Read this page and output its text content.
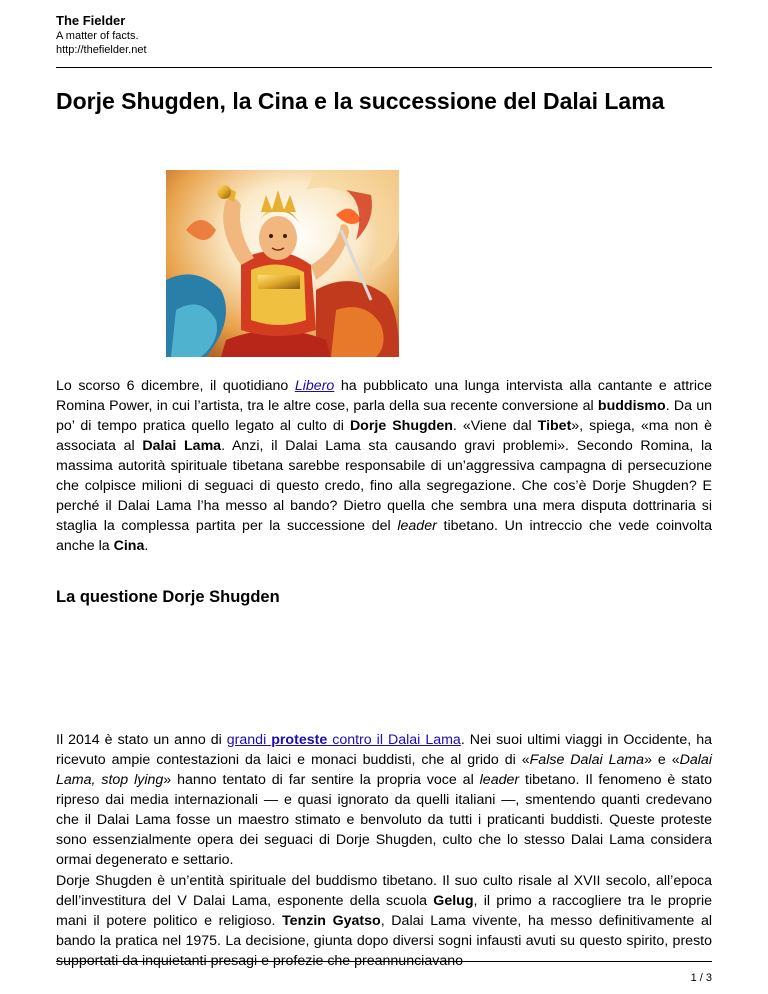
The Fielder
A matter of facts.
http://thefielder.net
Dorje Shugden, la Cina e la successione del Dalai Lama

Lo scorso 6 dicembre, il quotidiano Libero ha pubblicato una lunga intervista alla cantante e attrice Romina Power, in cui l’artista, tra le altre cose, parla della sua recente conversione al buddismo. Da un po’ di tempo pratica quello legato al culto di Dorje Shugden. «Viene dal Tibet», spiega, «ma non è associata al Dalai Lama. Anzi, il Dalai Lama sta causando gravi problemi». Secondo Romina, la massima autorità spirituale tibetana sarebbe responsabile di un’aggressiva campagna di persecuzione che colpisce milioni di seguaci di questo credo, fino alla segregazione. Che cos’è Dorje Shugden? E perché il Dalai Lama l’ha messo al bando? Dietro quella che sembra una mera disputa dottrinaria si staglia la complessa partita per la successione del leader tibetano. Un intreccio che vede coinvolta anche la Cina.

La questione Dorje Shugden

Il 2014 è stato un anno di grandi proteste contro il Dalai Lama. Nei suoi ultimi viaggi in Occidente, ha ricevuto ampie contestazioni da laici e monaci buddisti, che al grido di «False Dalai Lama» e «Dalai Lama, stop lying» hanno tentato di far sentire la propria voce al leader tibetano. Il fenomeno è stato ripreso dai media internazionali — e quasi ignorato da quelli italiani —, smentendo quanti credevano che il Dalai Lama fosse un maestro stimato e benvoluto da tutti i praticanti buddisti. Queste proteste sono essenzialmente opera dei seguaci di Dorje Shugden, culto che lo stesso Dalai Lama considera ormai degenerato e settario.

Dorje Shugden è un’entità spirituale del buddismo tibetano. Il suo culto risale al XVII secolo, all’epoca dell’investitura del V Dalai Lama, esponente della scuola Gelug, il primo a raccogliere tra le proprie mani il potere politico e religioso. Tenzin Gyatso, Dalai Lama vivente, ha messo definitivamente al bando la pratica nel 1975. La decisione, giunta dopo diversi sogni infausti avuti su questo spirito, presto supportati da inquietanti presagi e profezie che preannunciavano

1 / 3
